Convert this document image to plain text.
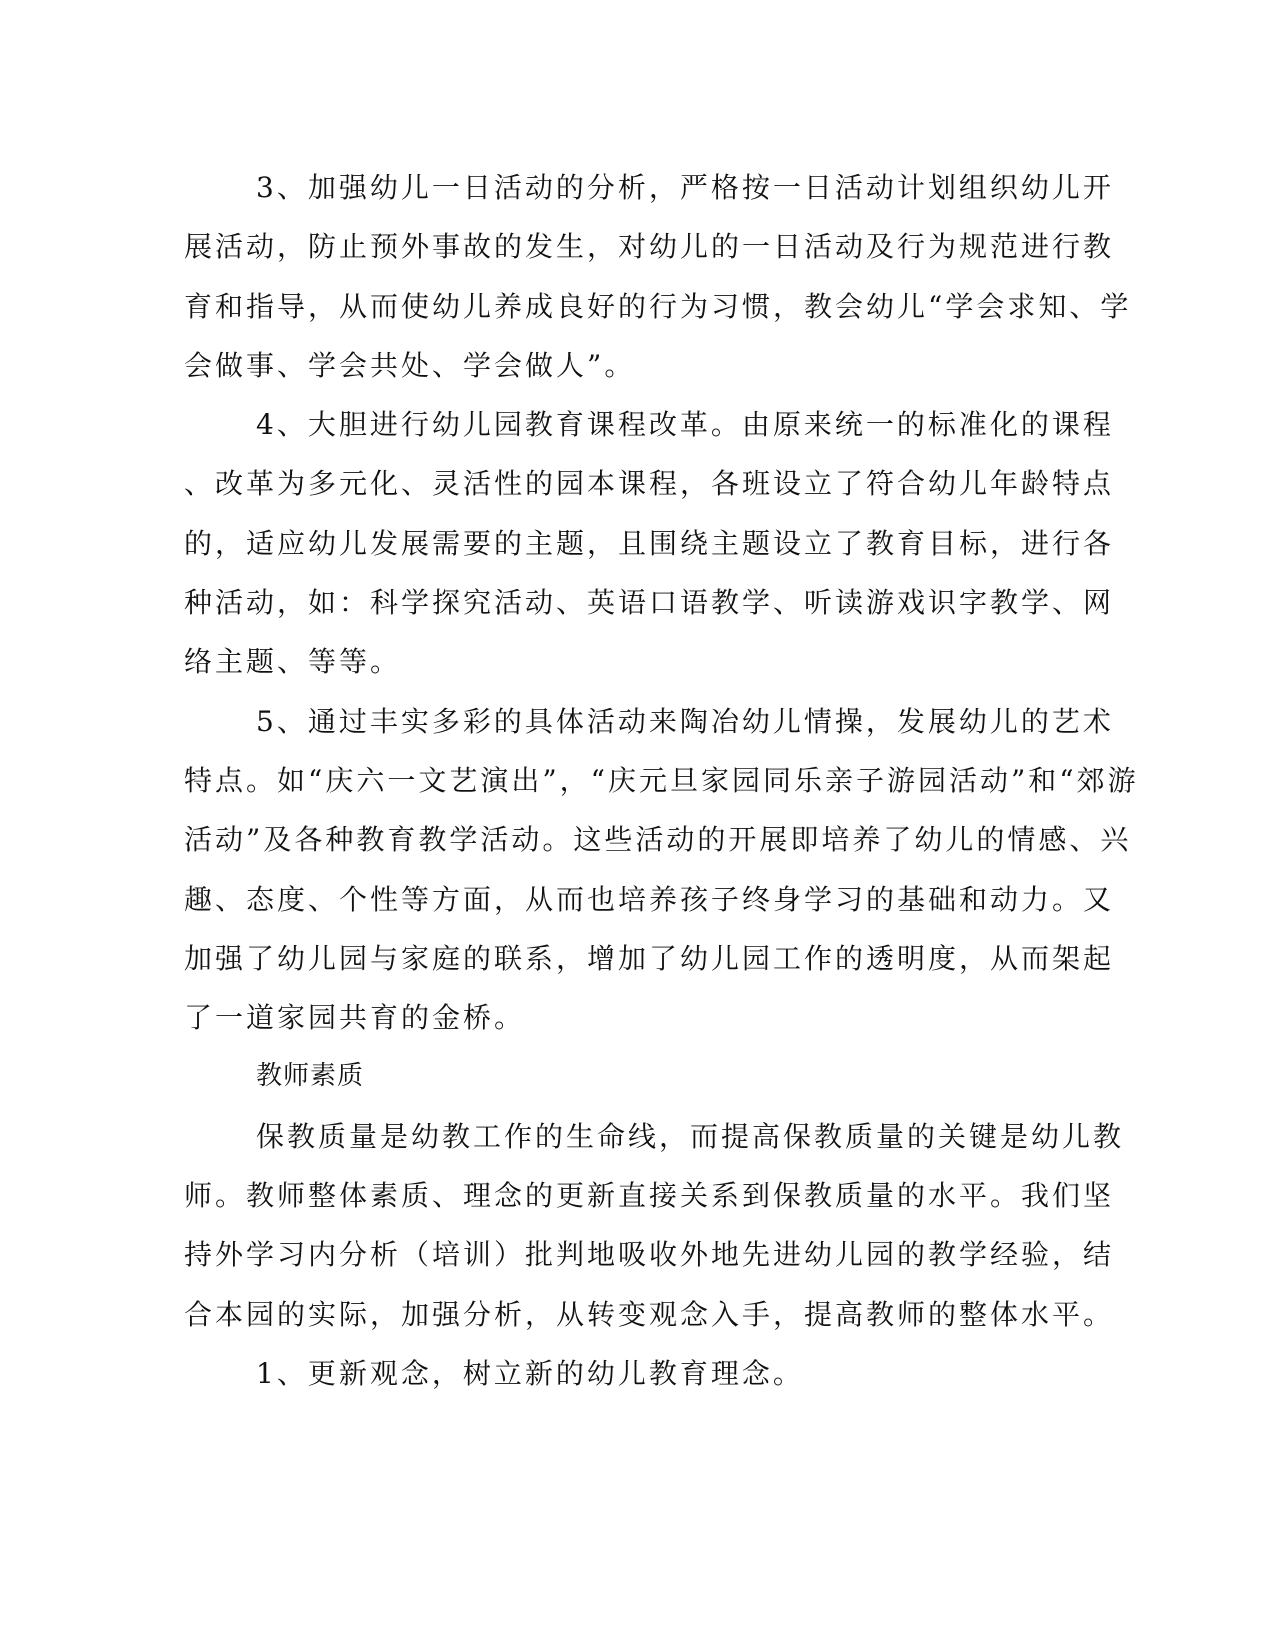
3、加强幼儿一日活动的分析，严格按一日活动计划组织幼儿开
展活动，防止预外事故的发生，对幼儿的一日活动及行为规范进行教
育和指导，从而使幼儿养成良好的行为习惯，教会幼儿“学会求知、学
会做事、学会共处、学会做人”。
4、大胆进行幼儿园教育课程改革。由原来统一的标准化的课程
、改革为多元化、灵活性的园本课程，各班设立了符合幼儿年龄特点
的，适应幼儿发展需要的主题，且围绕主题设立了教育目标，进行各
种活动，如：科学探究活动、英语口语教学、听读游戏识字教学、网
络主题、等等。
5、通过丰实多彩的具体活动来陶冶幼儿情操，发展幼儿的艺术
特点。如“庆六一文艺演出”，“庆元旦家园同乐亲子游园活动”和“郊游
活动”及各种教育教学活动。这些活动的开展即培养了幼儿的情感、兴
趣、态度、个性等方面，从而也培养孩子终身学习的基础和动力。又
加强了幼儿园与家庭的联系，增加了幼儿园工作的透明度，从而架起
了一道家园共育的金桥。
教师素质
保教质量是幼教工作的生命线，而提高保教质量的关键是幼儿教
师。教师整体素质、理念的更新直接关系到保教质量的水平。我们坚
持外学习内分析（培训）批判地吸收外地先进幼儿园的教学经验，结
合本园的实际，加强分析，从转变观念入手，提高教师的整体水平。
1、更新观念，树立新的幼儿教育理念。
